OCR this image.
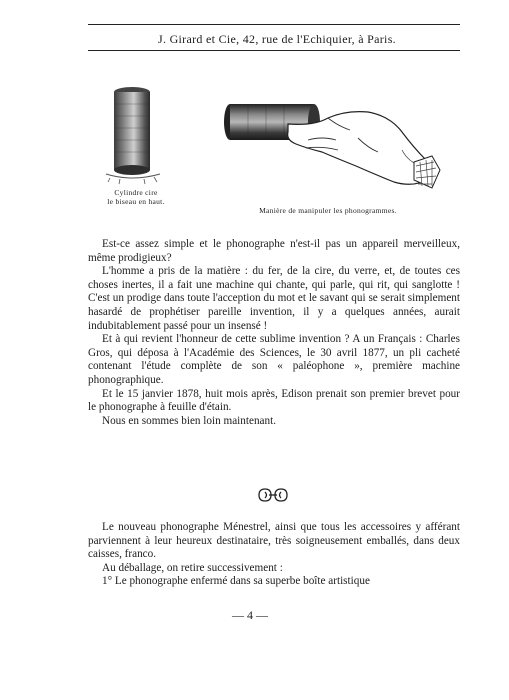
J. Girard et Cie, 42, rue de l'Echiquier, à Paris.
Cylindre cire
le biseau en haut.
Manière de manipuler les phonogrammes.

Est-ce assez simple et le phonographe n'est-il pas un appareil merveilleux, même prodigieux?

L'homme a pris de la matière : du fer, de la cire, du verre, et, de toutes ces choses inertes, il a fait une machine qui chante, qui parle, qui rit, qui sanglotte ! C'est un prodige dans toute l'acception du mot et le savant qui se serait simplement hasardé de prophétiser pareille invention, il y a quelques années, aurait indubitablement passé pour un insensé !

Et à qui revient l'honneur de cette sublime invention ? A un Français : Charles Gros, qui déposa à l'Académie des Sciences, le 30 avril 1877, un pli cacheté contenant l'étude complète de son « paléophone », première machine phonographique.

Et le 15 janvier 1878, huit mois après, Edison prenait son premier brevet pour le phonographe à feuille d'étain.

Nous en sommes bien loin maintenant.

Le nouveau phonographe Ménestrel, ainsi que tous les accessoires y afférant parviennent à leur heureux destinataire, très soigneusement emballés, dans deux caisses, franco.

Au déballage, on retire successivement :

1° Le phonographe enfermé dans sa superbe boîte artistique

— 4 —
